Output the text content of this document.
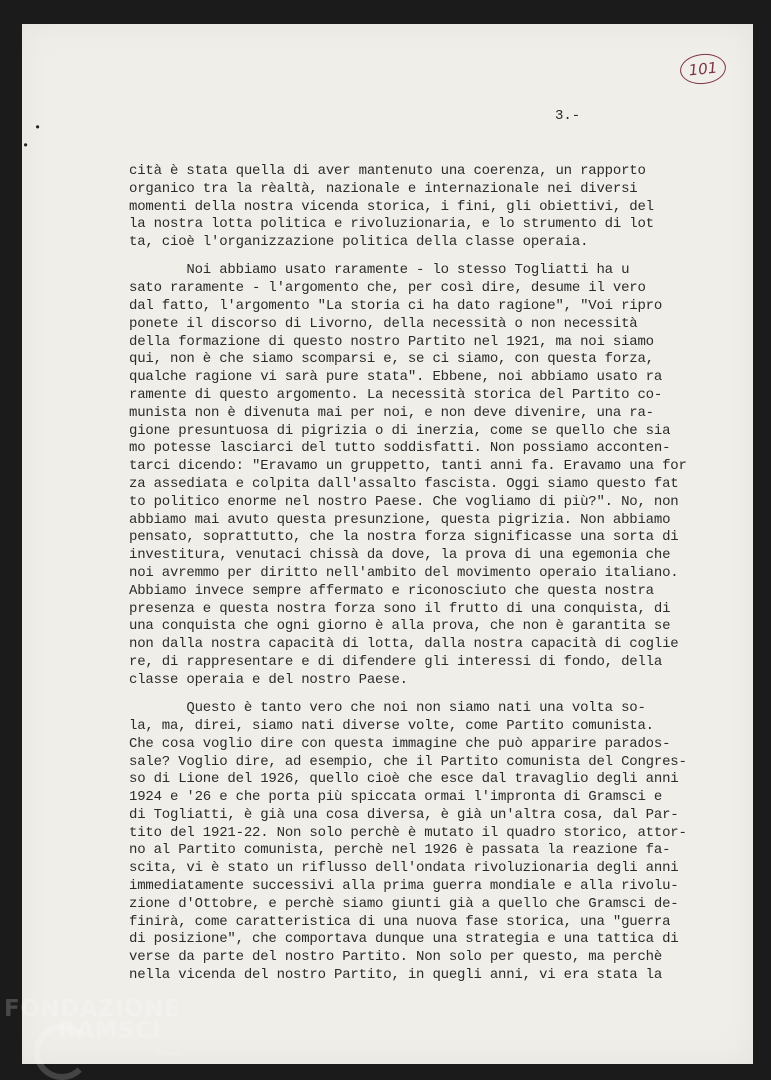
•
•
101
3.-
cità è stata quella di aver mantenuto una coerenza, un rapporto
organico tra la rèaltà, nazionale e internazionale nei diversi
momenti della nostra vicenda storica, i fini, gli obiettivi, del
la nostra lotta politica e rivoluzionaria, e lo strumento di lot
ta, cioè l'organizzazione politica della classe operaia.
Noi abbiamo usato raramente - lo stesso Togliatti ha u
sato raramente - l'argomento che, per così dire, desume il vero
dal fatto, l'argomento "La storia ci ha dato ragione", "Voi ripro
ponete il discorso di Livorno, della necessità o non necessità
della formazione di questo nostro Partito nel 1921, ma noi siamo
qui, non è che siamo scomparsi e, se ci siamo, con questa forza,
qualche ragione vi sarà pure stata". Ebbene, noi abbiamo usato ra
ramente di questo argomento. La necessità storica del Partito co-
munista non è divenuta mai per noi, e non deve divenire, una ra-
gione presuntuosa di pigrizia o di inerzia, come se quello che sia
mo potesse lasciarci del tutto soddisfatti. Non possiamo acconten-
tarci dicendo: "Eravamo un gruppetto, tanti anni fa. Eravamo una for
za assediata e colpita dall'assalto fascista. Oggi siamo questo fat
to politico enorme nel nostro Paese. Che vogliamo di più?". No, non
abbiamo mai avuto questa presunzione, questa pigrizia. Non abbiamo
pensato, soprattutto, che la nostra forza significasse una sorta di
investitura, venutaci chissà da dove, la prova di una egemonia che
noi avremmo per diritto nell'ambito del movimento operaio italiano.
Abbiamo invece sempre affermato e riconosciuto che questa nostra
presenza e questa nostra forza sono il frutto di una conquista, di
una conquista che ogni giorno è alla prova, che non è garantita se
non dalla nostra capacità di lotta, dalla nostra capacità di coglie
re, di rappresentare e di difendere gli interessi di fondo, della
classe operaia e del nostro Paese.
Questo è tanto vero che noi non siamo nati una volta so-
la, ma, direi, siamo nati diverse volte, come Partito comunista.
Che cosa voglio dire con questa immagine che può apparire parados-
sale? Voglio dire, ad esempio, che il Partito comunista del Congres-
so di Lione del 1926, quello cioè che esce dal travaglio degli anni
1924 e '26 e che porta più spiccata ormai l'impronta di Gramsci e
di Togliatti, è già una cosa diversa, è già un'altra cosa, dal Par-
tito del 1921-22. Non solo perchè è mutato il quadro storico, attor-
no al Partito comunista, perchè nel 1926 è passata la reazione fa-
scita, vi è stato un riflusso dell'ondata rivoluzionaria degli anni
immediatamente successivi alla prima guerra mondiale e alla rivolu-
zione d'Ottobre, e perchè siamo giunti già a quello che Gramsci de-
finirà, come caratteristica di una nuova fase storica, una "guerra
di posizione", che comportava dunque una strategia e una tattica di
verse da parte del nostro Partito. Non solo per questo, ma perchè
nella vicenda del nostro Partito, in quegli anni, vi era stata la
FONDAZIONE
RAMSCI
onlus
